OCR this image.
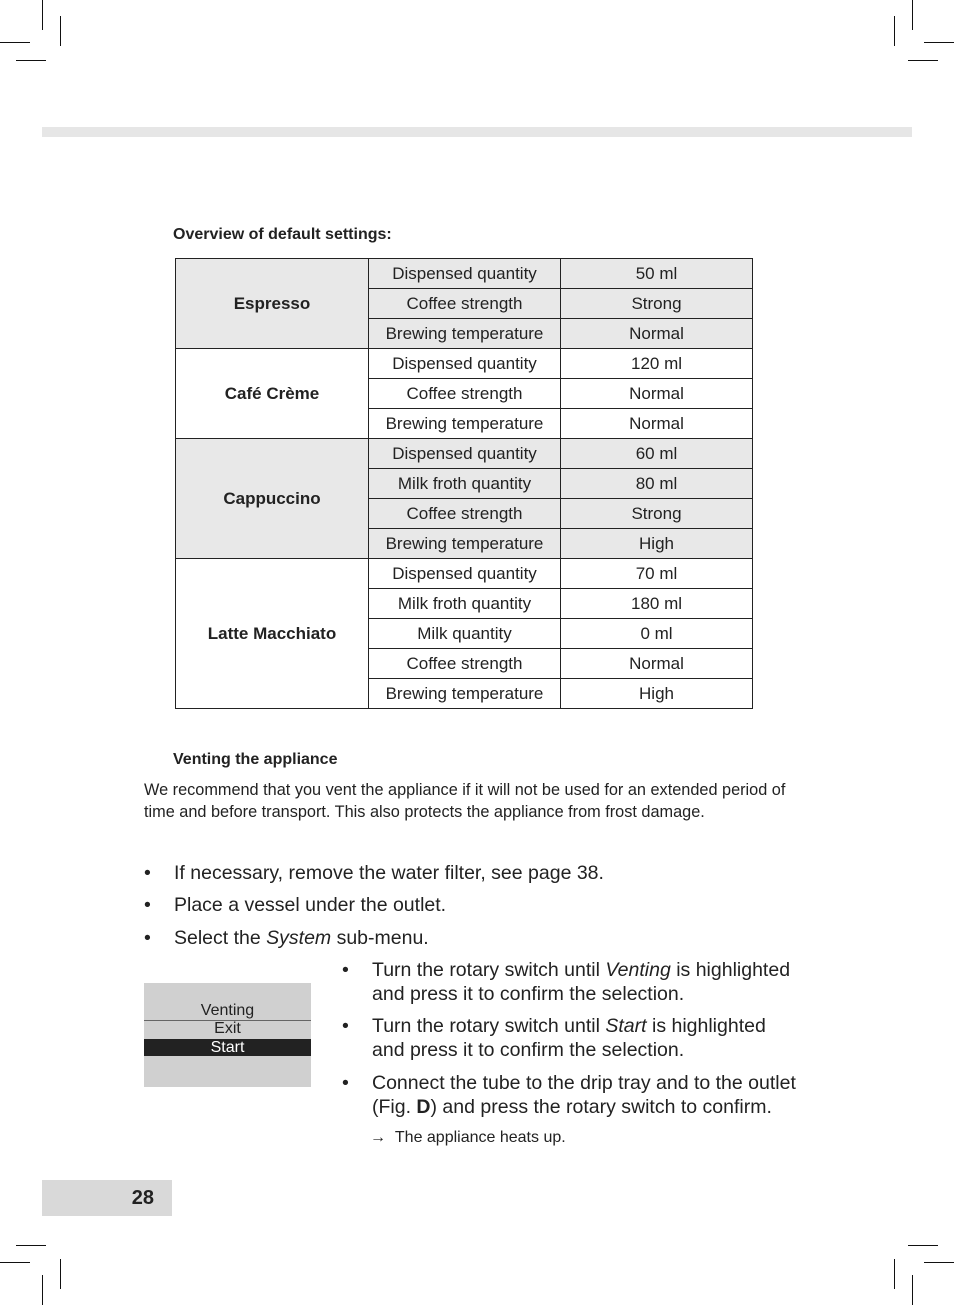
Overview of default settings:
Espresso	Dispensed quantity	50 ml
	Coffee strength	Strong
	Brewing temperature	Normal
Café Crème	Dispensed quantity	120 ml
	Coffee strength	Normal
	Brewing temperature	Normal
Cappuccino	Dispensed quantity	60 ml
	Milk froth quantity	80 ml
	Coffee strength	Strong
	Brewing temperature	High
Latte Macchiato	Dispensed quantity	70 ml
	Milk froth quantity	180 ml
	Milk quantity	0 ml
	Coffee strength	Normal
	Brewing temperature	High
Venting the appliance
We recommend that you vent the appliance if it will not be used for an extended period of time and before transport. This also protects the appliance from frost damage.
• If necessary, remove the water filter, see page 38.
• Place a vessel under the outlet.
• Select the System sub-menu.
Venting
Exit
Start
• Turn the rotary switch until Venting is highlighted
and press it to confirm the selection.
• Turn the rotary switch until Start is highlighted
and press it to confirm the selection.
• Connect the tube to the drip tray and to the outlet
(Fig. D) and press the rotary switch to confirm.
→ The appliance heats up.
28
